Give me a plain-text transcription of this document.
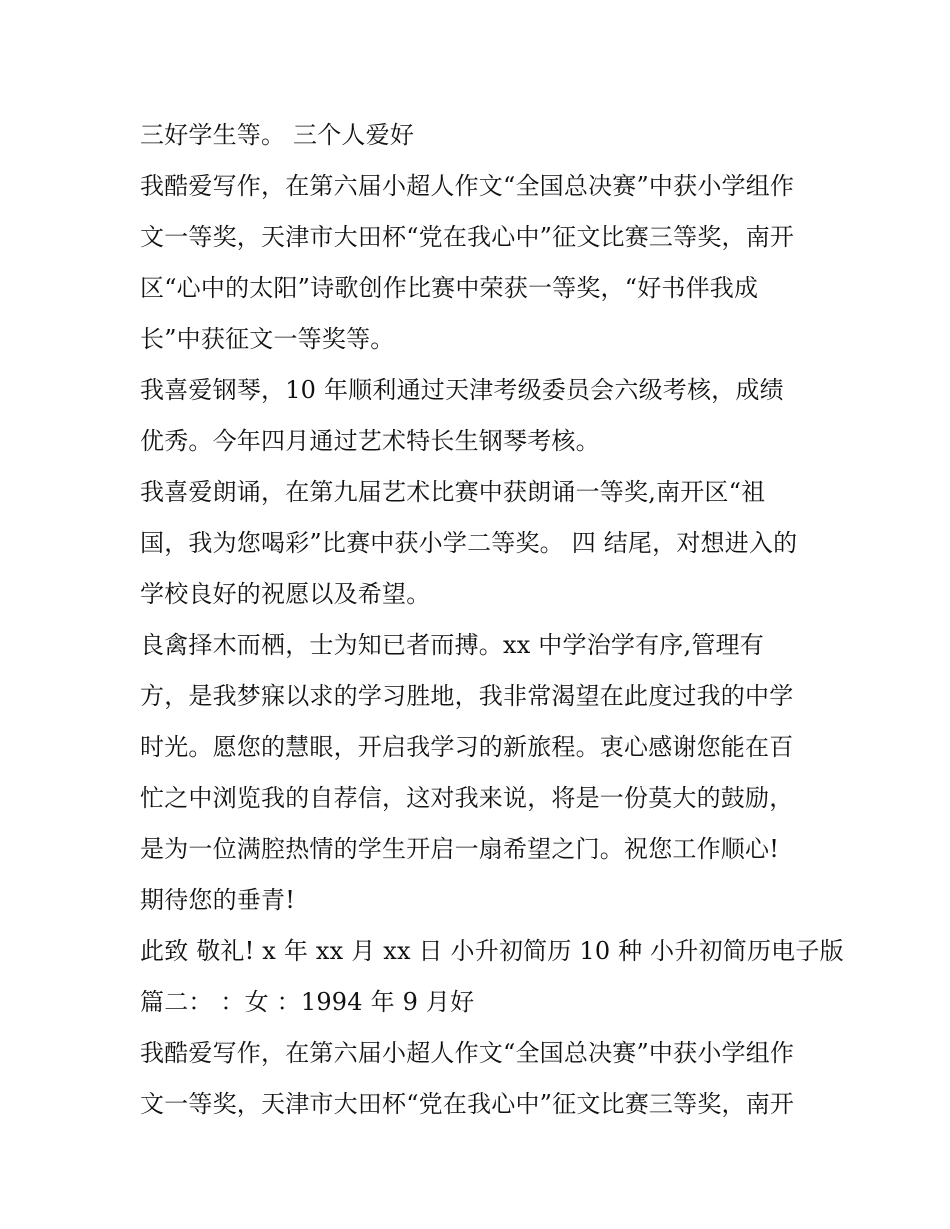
三好学生等。 三个人爱好
我酷爱写作，在第六届小超人作文“全国总决赛”中获小学组作
文一等奖，天津市大田杯“党在我心中”征文比赛三等奖，南开
区“心中的太阳”诗歌创作比赛中荣获一等奖，“好书伴我成
长”中获征文一等奖等。
我喜爱钢琴，10 年顺利通过天津考级委员会六级考核，成绩
优秀。今年四月通过艺术特长生钢琴考核。
我喜爱朗诵，在第九届艺术比赛中获朗诵一等奖,南开区“祖
国，我为您喝彩”比赛中获小学二等奖。 四 结尾，对想进入的
学校良好的祝愿以及希望。
良禽择木而栖，士为知已者而搏。xx 中学治学有序,管理有
方，是我梦寐以求的学习胜地，我非常渴望在此度过我的中学
时光。愿您的慧眼，开启我学习的新旅程。衷心感谢您能在百
忙之中浏览我的自荐信，这对我来说，将是一份莫大的鼓励，
是为一位满腔热情的学生开启一扇希望之门。祝您工作顺心!
期待您的垂青!
此致 敬礼! x 年 xx 月 xx 日 小升初简历 10 种 小升初简历电子版
篇二： ：女 ：1994 年 9 月好
我酷爱写作，在第六届小超人作文“全国总决赛”中获小学组作
文一等奖，天津市大田杯“党在我心中”征文比赛三等奖，南开
